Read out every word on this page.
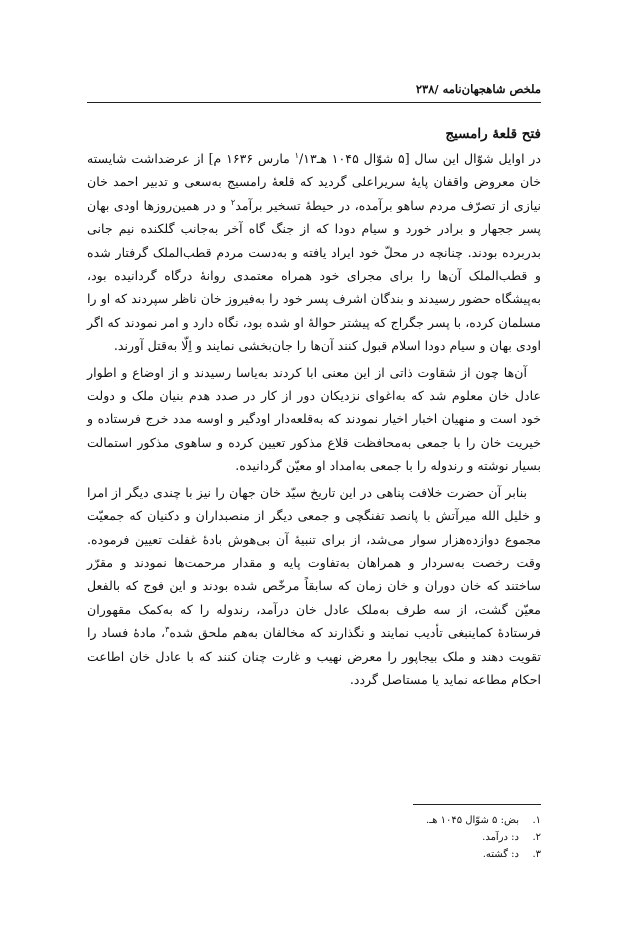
ملخص شاهجهان‌نامه /۲۳۸
فتح قلعهٔ رامسیج

در اوایل شوّال این سال [۵ شوّال ۱۰۴۵ هـ$^۱$/۱۳ مارس ۱۶۳۶ م] از عرضداشت شایسته خان معروض واقفان پایهٔ سریراعلی گردید که قلعهٔ رامسیج به‌سعی و تدبیر احمد خان نیازی از تصرّف مردم ساهو برآمده، در حیطهٔ تسخیر برآمد$^۲$ و در همین‌روزها اودی بهان پسر ججهار و برادر خورد و سیام دودا که از جنگ گاه آخر به‌جانب گلکنده نیم جانی بدربرده بودند. چنانچه در محلّ خود ایراد یافته و به‌دست مردم قطب‌الملک گرفتار شده و قطب‌الملک آن‌ها را برای مجرای خود همراه معتمدی روانهٔ درگاه گردانیده بود، به‌پیشگاه حضور رسیدند و بندگان اشرف پسر خود را به‌فیروز خان ناظر سپردند که او را مسلمان کرده، با پسر جگراج که پیشتر حوالهٔ او شده بود، نگاه دارد و امر نمودند که اگر اودی بهان و سیام دودا اسلام قبول کنند آن‌ها را جان‌بخشی نمایند و اِلّا به‌قتل آورند.

آن‌ها چون از شقاوت ذاتی از این معنی ابا کردند به‌یاسا رسیدند و از اوضاع و اطوار عادل خان معلوم شد که به‌اغوای نزدیکان دور از کار در صدد هدم بنیان ملک و دولت خود است و منهیان اخبار اخیار نمودند که به‌قلعه‌دار اودگیر و اوسه مدد خرج فرستاده و خیریت خان را با جمعی به‌محافظت قلاع مذکور تعیین کرده و ساهوی مذکور استمالت بسیار نوشته و رندوله را با جمعی به‌امداد او معیّن گردانیده.

بنابر آن حضرت خلافت پناهی در این تاریخ سیّد خان جهان را نیز با چندی دیگر از امرا و خلیل الله میرآتش با پانصد تفنگچی و جمعی دیگر از منصبداران و دکنیان که جمعیّت مجموع دوازده‌هزار سوار می‌شد، از برای تنبیهٔ آن بی‌هوش بادهٔ غفلت تعیین فرموده. وقت رخصت به‌سردار و همراهان به‌تفاوت پایه و مقدار مرحمت‌ها نمودند و مقرّر ساختند که خان دوران و خان زمان که سابقاً مرخّص شده بودند و این فوج که بالفعل معیّن گشت، از سه طرف به‌ملک عادل خان درآمد، رندوله را که به‌کمک مقهوران فرستادهٔ کماینبغی تأدیب نمایند و نگذارند که مخالفان به‌هم ملحق شده$^۳$، مادهٔ فساد را تقویت دهند و ملک بیجاپور را معرض نهیب و غارت چنان کنند که با عادل خان اطاعت احکام مطاعه نماید یا مستاصل گردد.

۱.بض: ۵ شوّال ۱۰۴۵ هـ.
۲.د: درآمد.
۳.د: گشته.
